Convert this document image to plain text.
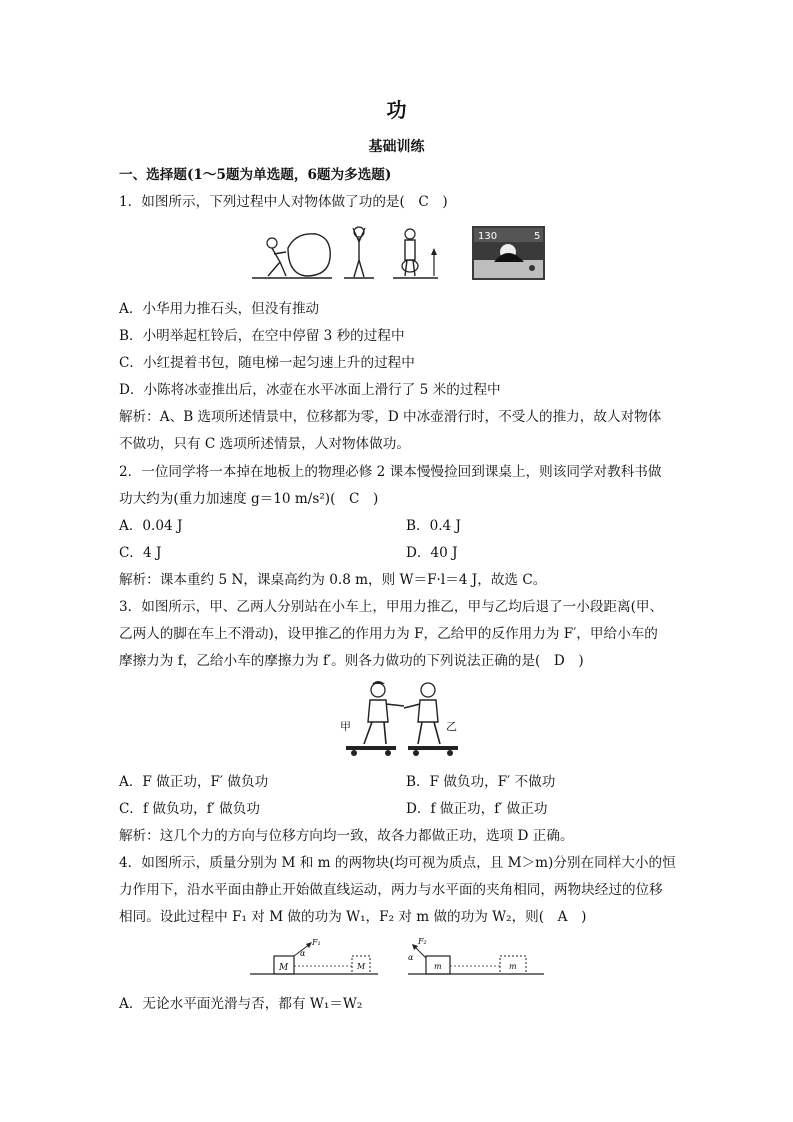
功
基础训练
一、选择题(1～5题为单选题，6题为多选题)
1．如图所示，下列过程中人对物体做了功的是(　C　)
130	5
A．小华用力推石头，但没有推动
B．小明举起杠铃后，在空中停留 3 秒的过程中
C．小红提着书包，随电梯一起匀速上升的过程中
D．小陈将冰壶推出后，冰壶在水平冰面上滑行了 5 米的过程中
解析：A、B 选项所述情景中，位移都为零，D 中冰壶滑行时，不受人的推力，故人对物体
不做功，只有 C 选项所述情景，人对物体做功。
2．一位同学将一本掉在地板上的物理必修 2 课本慢慢捡回到课桌上，则该同学对教科书做
功大约为(重力加速度 g＝10 m/s²)(　C　)
A．0.04 J	B．0.4 J
C．4 J	D．40 J
解析：课本重约 5 N，课桌高约为 0.8 m，则 W＝F·l＝4 J，故选 C。
3．如图所示，甲、乙两人分别站在小车上，甲用力推乙，甲与乙均后退了一小段距离(甲、
乙两人的脚在车上不滑动)，设甲推乙的作用力为 F，乙给甲的反作用力为 F′，甲给小车的
摩擦力为 f，乙给小车的摩擦力为 f′。则各力做功的下列说法正确的是(　D　)
甲	乙
A．F 做正功，F′ 做负功	B．F 做负功，F′ 不做功
C．f 做负功，f′ 做负功	D．f 做正功，f′ 做正功
解析：这几个力的方向与位移方向均一致，故各力都做正功，选项 D 正确。
4．如图所示，质量分别为 M 和 m 的两物块(均可视为质点，且 M＞m)分别在同样大小的恒
力作用下，沿水平面由静止开始做直线运动，两力与水平面的夹角相同，两物块经过的位移
相同。设此过程中 F₁ 对 M 做的功为 W₁，F₂ 对 m 做的功为 W₂，则(　A　)
M	M
F₁
α
m	m
F₂
α
A．无论水平面光滑与否，都有 W₁＝W₂
